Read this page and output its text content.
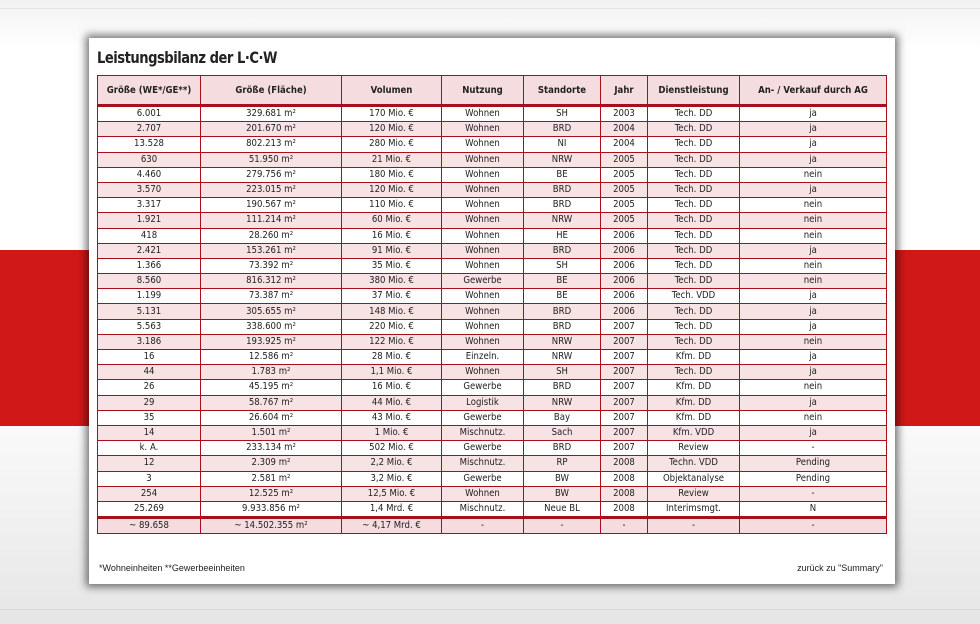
Leistungsbilanz der L·C·W
Größe (WE*/GE**)	Größe (Fläche)	Volumen	Nutzung	Standorte	Jahr	Dienstleistung	An- / Verkauf durch AG
6.001	329.681 m²	170 Mio. €	Wohnen	SH	2003	Tech. DD	ja
2.707	201.670 m²	120 Mio. €	Wohnen	BRD	2004	Tech. DD	ja
13.528	802.213 m²	280 Mio. €	Wohnen	NI	2004	Tech. DD	ja
630	51.950 m²	21 Mio. €	Wohnen	NRW	2005	Tech. DD	ja
4.460	279.756 m²	180 Mio. €	Wohnen	BE	2005	Tech. DD	nein
3.570	223.015 m²	120 Mio. €	Wohnen	BRD	2005	Tech. DD	ja
3.317	190.567 m²	110 Mio. €	Wohnen	BRD	2005	Tech. DD	nein
1.921	111.214 m²	60 Mio. €	Wohnen	NRW	2005	Tech. DD	nein
418	28.260 m²	16 Mio. €	Wohnen	HE	2006	Tech. DD	nein
2.421	153.261 m²	91 Mio. €	Wohnen	BRD	2006	Tech. DD	ja
1.366	73.392 m²	35 Mio. €	Wohnen	SH	2006	Tech. DD	nein
8.560	816.312 m²	380 Mio. €	Gewerbe	BE	2006	Tech. DD	nein
1.199	73.387 m²	37 Mio. €	Wohnen	BE	2006	Tech. VDD	ja
5.131	305.655 m²	148 Mio. €	Wohnen	BRD	2006	Tech. DD	ja
5.563	338.600 m²	220 Mio. €	Wohnen	BRD	2007	Tech. DD	ja
3.186	193.925 m²	122 Mio. €	Wohnen	NRW	2007	Tech. DD	nein
16	12.586 m²	28 Mio. €	Einzeln.	NRW	2007	Kfm. DD	ja
44	1.783 m²	1,1 Mio. €	Wohnen	SH	2007	Tech. DD	ja
26	45.195 m²	16 Mio. €	Gewerbe	BRD	2007	Kfm. DD	nein
29	58.767 m²	44 Mio. €	Logistik	NRW	2007	Kfm. DD	ja
35	26.604 m²	43 Mio. €	Gewerbe	Bay	2007	Kfm. DD	nein
14	1.501 m²	1 Mio. €	Mischnutz.	Sach	2007	Kfm. VDD	ja
k. A.	233.134 m²	502 Mio. €	Gewerbe	BRD	2007	Review	-
12	2.309 m²	2,2 Mio. €	Mischnutz.	RP	2008	Techn. VDD	Pending
3	2.581 m²	3,2 Mio. €	Gewerbe	BW	2008	Objektanalyse	Pending
254	12.525 m²	12,5 Mio. €	Wohnen	BW	2008	Review	-
25.269	9.933.856 m²	1,4 Mrd. €	Mischnutz.	Neue BL	2008	Interimsmgt.	N
~ 89.658	~ 14.502.355 m²	~ 4,17 Mrd. €	-	-	-	-	-
*Wohneinheiten **Gewerbeeinheiten	zurück zu "Summary"
